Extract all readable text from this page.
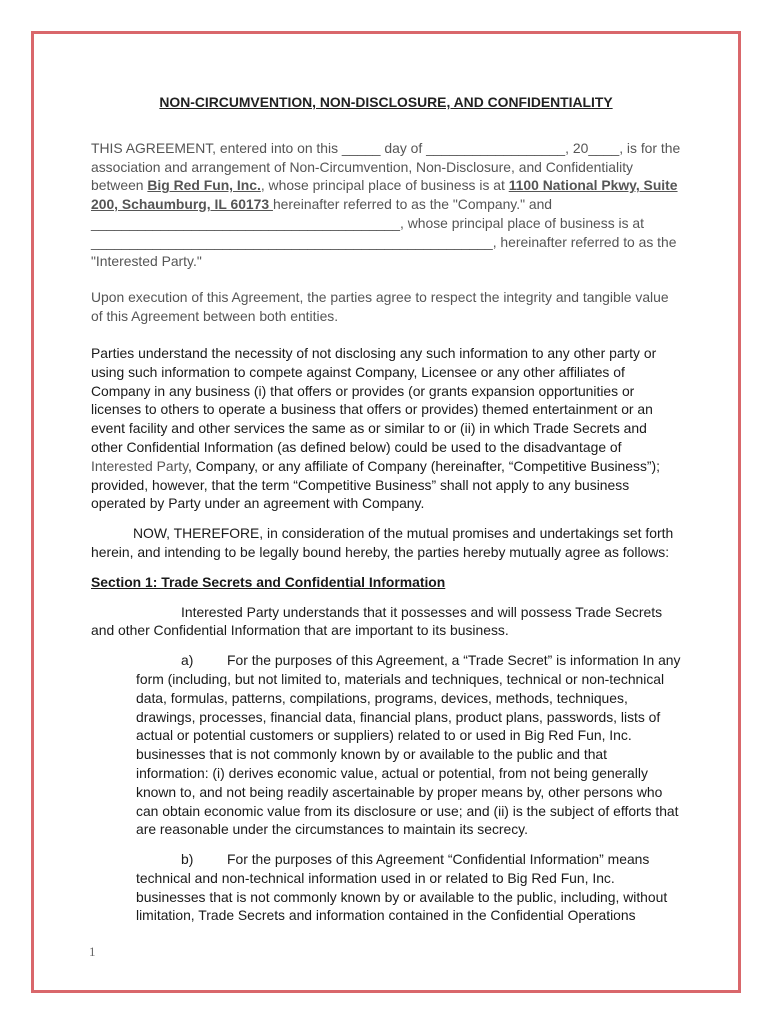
NON-CIRCUMVENTION, NON-DISCLOSURE, AND CONFIDENTIALITY

THIS AGREEMENT, entered into on this _____ day of __________________, 20____, is for the association and arrangement of Non-Circumvention, Non-Disclosure, and Confidentiality between Big Red Fun, Inc., whose principal place of business is at 1100 National Pkwy, Suite 200, Schaumburg, IL 60173 hereinafter referred to as the "Company." and ________________________________________, whose principal place of business is at ____________________________________________________, hereinafter referred to as the "Interested Party."

Upon execution of this Agreement, the parties agree to respect the integrity and tangible value of this Agreement between both entities.

Parties understand the necessity of not disclosing any such information to any other party or using such information to compete against Company, Licensee or any other affiliates of Company in any business (i) that offers or provides (or grants expansion opportunities or licenses to others to operate a business that offers or provides) themed entertainment or an event facility and other services the same as or similar to or (ii) in which Trade Secrets and other Confidential Information (as defined below) could be used to the disadvantage of Interested Party, Company, or any affiliate of Company (hereinafter, “Competitive Business”); provided, however, that the term “Competitive Business” shall not apply to any business operated by Party under an agreement with Company.

NOW, THEREFORE, in consideration of the mutual promises and undertakings set forth herein, and intending to be legally bound hereby, the parties hereby mutually agree as follows:

Section 1: Trade Secrets and Confidential Information

Interested Party understands that it possesses and will possess Trade Secrets and other Confidential Information that are important to its business.

a) For the purposes of this Agreement, a “Trade Secret” is information In any form (including, but not limited to, materials and techniques, technical or non-technical data, formulas, patterns, compilations, programs, devices, methods, techniques, drawings, processes, financial data, financial plans, product plans, passwords, lists of actual or potential customers or suppliers) related to or used in Big Red Fun, Inc. businesses that is not commonly known by or available to the public and that information: (i) derives economic value, actual or potential, from not being generally known to, and not being readily ascertainable by proper means by, other persons who can obtain economic value from its disclosure or use; and (ii) is the subject of efforts that are reasonable under the circumstances to maintain its secrecy.

b) For the purposes of this Agreement “Confidential Information” means technical and non-technical information used in or related to Big Red Fun, Inc. businesses that is not commonly known by or available to the public, including, without limitation, Trade Secrets and information contained in the Confidential Operations

1
